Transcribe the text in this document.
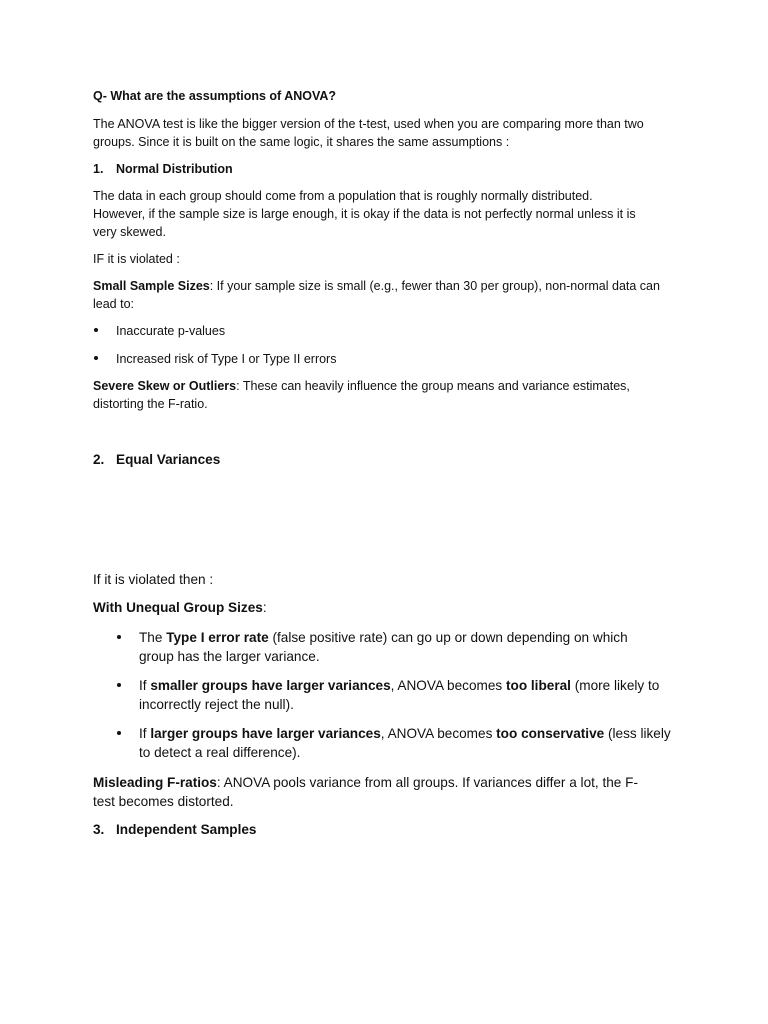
Q- What are the assumptions of ANOVA?

The ANOVA test is like the bigger version of the t-test, used when you are comparing more than two

groups. Since it is built on the same logic, it shares the same assumptions :

1. Normal Distribution

The data in each group should come from a population that is roughly normally distributed.

However, if the sample size is large enough, it is okay if the data is not perfectly normal unless it is

very skewed.

IF it is violated :

Small Sample Sizes: If your sample size is small (e.g., fewer than 30 per group), non-normal data can

lead to:

Inaccurate p-values

Increased risk of Type I or Type II errors

Severe Skew or Outliers: These can heavily influence the group means and variance estimates,

distorting the F-ratio.

2. Equal Variances

If it is violated then :

With Unequal Group Sizes:

The Type I error rate (false positive rate) can go up or down depending on which

group has the larger variance.

If smaller groups have larger variances, ANOVA becomes too liberal (more likely to

incorrectly reject the null).

If larger groups have larger variances, ANOVA becomes too conservative (less likely

to detect a real difference).

Misleading F-ratios: ANOVA pools variance from all groups. If variances differ a lot, the F-

test becomes distorted.

3. Independent Samples
